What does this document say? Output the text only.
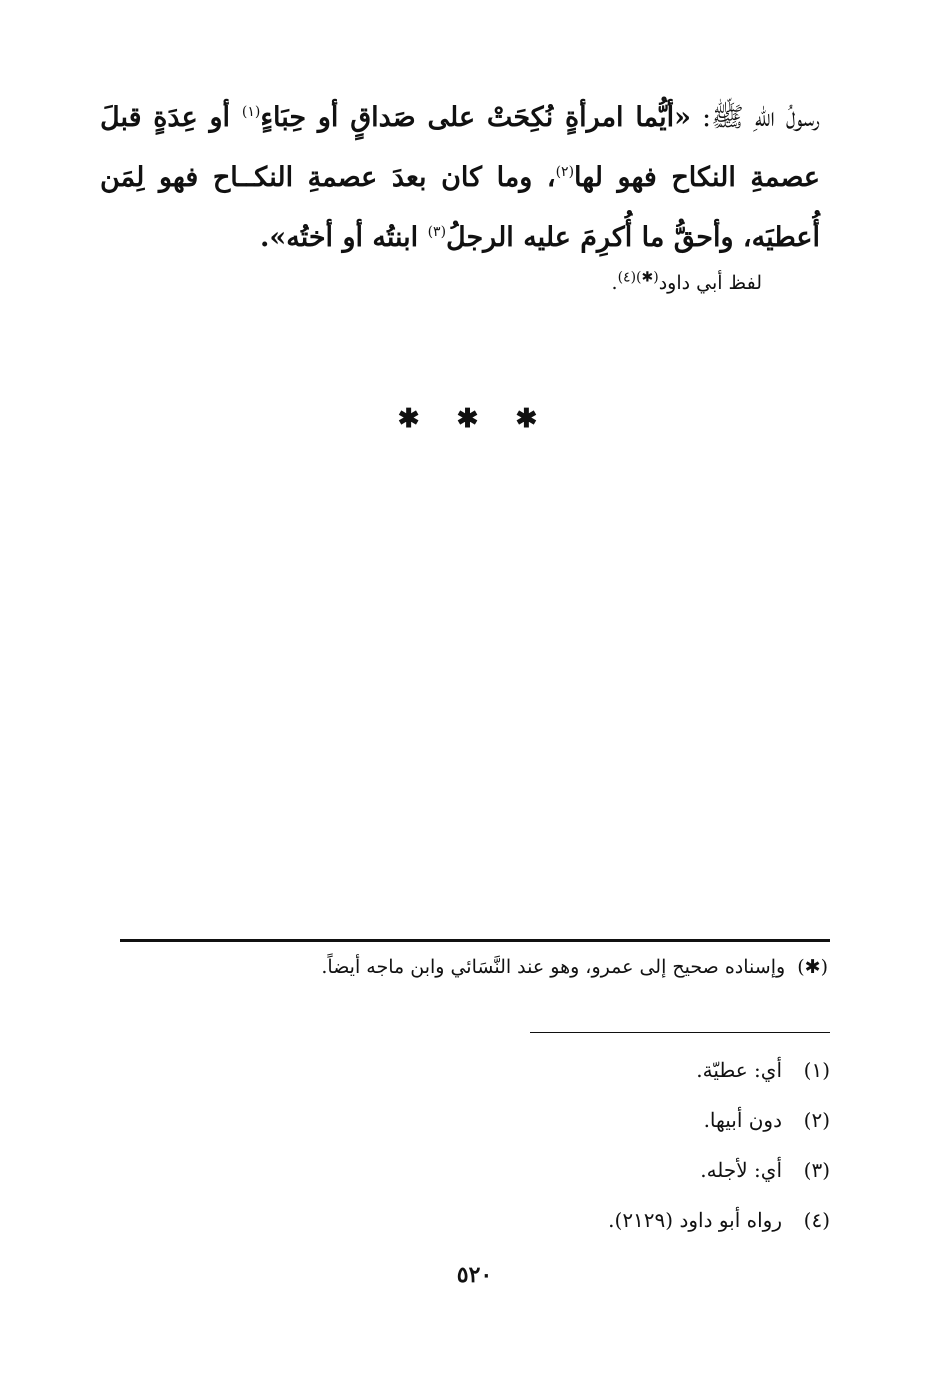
رسولُ اللهِ ﷺ: «أيُّما امرأةٍ نُكِحَتْ على صَداقٍ أو حِبَاءٍ$^{(١)}$ أو عِدَةٍ قبلَ عصمةِ النكاح فهو لها$^{(٢)}$، وما كان بعدَ عصمةِ النكــاح فهو لِمَن أُعطيَه، وأحقُّ ما أُكرِمَ عليه الرجلُ$^{(٣)}$ ابنتُه أو أختُه».

لفظ أبي داود$^{(✱)(٤)}$.

✱ ✱ ✱

(✱)  وإسناده صحيح إلى عمرو، وهو عند النَّسَائي وابن ماجه أيضاً.

(١)أي: عطيّة.
(٢)دون أبيها.
(٣)أي: لأجله.
(٤)رواه أبو داود (٢١٢٩).
٥٢٠
